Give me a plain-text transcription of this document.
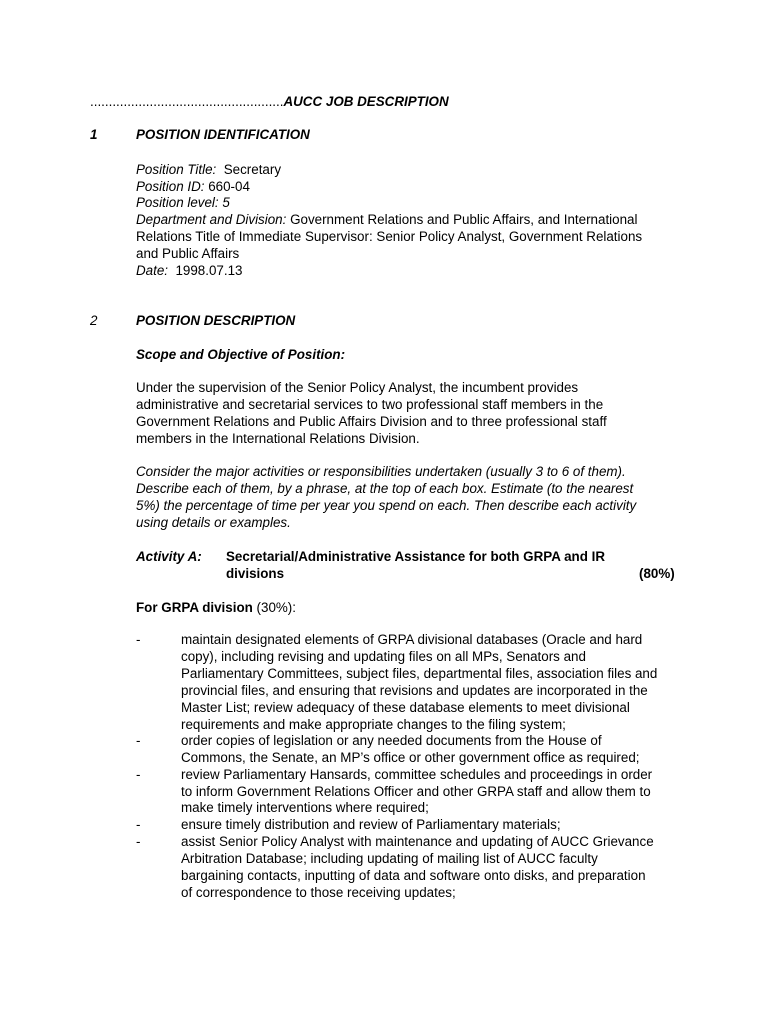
....................................................AUCC JOB DESCRIPTION
1	POSITION IDENTIFICATION
Position Title: Secretary
Position ID: 660-04
Position level: 5
Department and Division: Government Relations and Public Affairs, and International
Relations Title of Immediate Supervisor: Senior Policy Analyst, Government Relations
and Public Affairs
Date: 1998.07.13
2	POSITION DESCRIPTION
Scope and Objective of Position:
Under the supervision of the Senior Policy Analyst, the incumbent provides
administrative and secretarial services to two professional staff members in the
Government Relations and Public Affairs Division and to three professional staff
members in the International Relations Division.
Consider the major activities or responsibilities undertaken (usually 3 to 6 of them).
Describe each of them, by a phrase, at the top of each box. Estimate (to the nearest
5%) the percentage of time per year you spend on each. Then describe each activity
using details or examples.
Activity A: Secretarial/Administrative Assistance for both GRPA and IR
divisions	(80%)
For GRPA division (30%):
-	maintain designated elements of GRPA divisional databases (Oracle and hard
copy), including revising and updating files on all MPs, Senators and
Parliamentary Committees, subject files, departmental files, association files and
provincial files, and ensuring that revisions and updates are incorporated in the
Master List; review adequacy of these database elements to meet divisional
requirements and make appropriate changes to the filing system;
-	order copies of legislation or any needed documents from the House of
Commons, the Senate, an MP’s office or other government office as required;
-	review Parliamentary Hansards, committee schedules and proceedings in order
to inform Government Relations Officer and other GRPA staff and allow them to
make timely interventions where required;
-	ensure timely distribution and review of Parliamentary materials;
-	assist Senior Policy Analyst with maintenance and updating of AUCC Grievance
Arbitration Database; including updating of mailing list of AUCC faculty
bargaining contacts, inputting of data and software onto disks, and preparation
of correspondence to those receiving updates;
